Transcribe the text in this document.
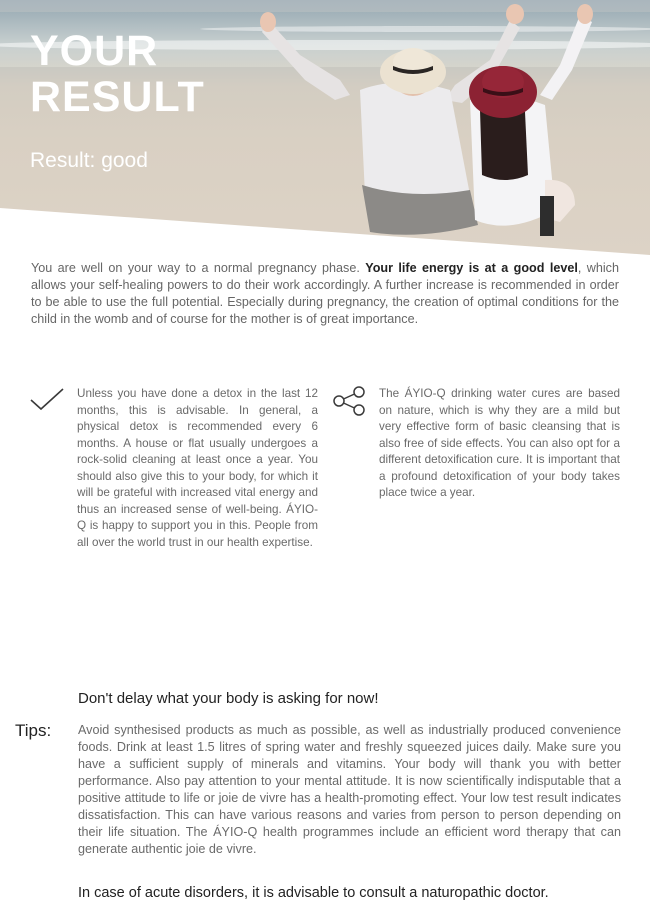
YOUR
RESULT
Result: good
You are well on your way to a normal pregnancy phase. Your life energy is at a good level, which allows your self-healing powers to do their work accordingly. A further increase is recommended in order to be able to use the full potential. Especially during pregnancy, the creation of optimal conditions for the child in the womb and of course for the mother is of great importance.
Unless you have done a detox in the last 12 months, this is advisable. In general, a physical detox is recommended every 6 months. A house or flat usually undergoes a rock-solid cleaning at least once a year. You should also give this to your body, for which it will be grateful with increased vital energy and thus an increased sense of well-being. ÁYIO-Q is happy to support you in this. People from all over the world trust in our health expertise.
The ÁYIO-Q drinking water cures are based on nature, which is why they are a mild but very effective form of basic cleansing that is also free of side effects. You can also opt for a different detoxification cure. It is important that a profound detoxification of your body takes place twice a year.
Don't delay what your body is asking for now!
Tips: Avoid synthesised products as much as possible, as well as industrially produced convenience foods. Drink at least 1.5 litres of spring water and freshly squeezed juices daily. Make sure you have a sufficient supply of minerals and vitamins. Your body will thank you with better performance. Also pay attention to your mental attitude. It is now scientifically indisputable that a positive attitude to life or joie de vivre has a health-promoting effect. Your low test result indicates dissatisfaction. This can have various reasons and varies from person to person depending on their life situation. The ÁYIO-Q health programmes include an efficient word therapy that can generate authentic joie de vivre.
In case of acute disorders, it is advisable to consult a naturopathic doctor.
